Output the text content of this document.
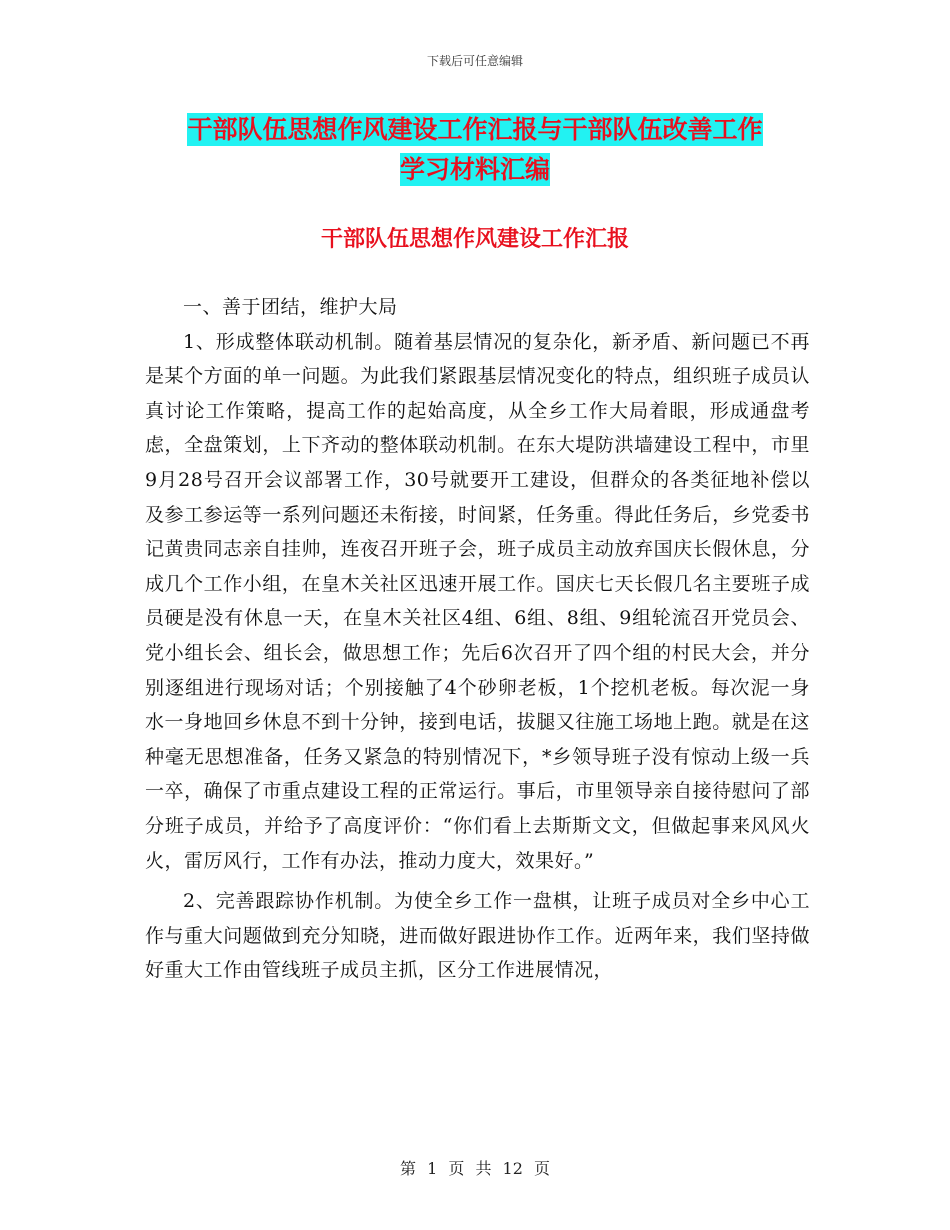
下载后可任意编辑
干部队伍思想作风建设工作汇报与干部队伍改善工作
学习材料汇编
干部队伍思想作风建设工作汇报

一、善于团结，维护大局

1、形成整体联动机制。随着基层情况的复杂化，新矛盾、新问题已不再是某个方面的单一问题。为此我们紧跟基层情况变化的特点，组织班子成员认真讨论工作策略，提高工作的起始高度，从全乡工作大局着眼，形成通盘考虑，全盘策划，上下齐动的整体联动机制。在东大堤防洪墙建设工程中，市里9月28号召开会议部署工作，30号就要开工建设，但群众的各类征地补偿以及参工参运等一系列问题还未衔接，时间紧，任务重。得此任务后，乡党委书记黄贵同志亲自挂帅，连夜召开班子会，班子成员主动放弃国庆长假休息，分成几个工作小组，在皇木关社区迅速开展工作。国庆七天长假几名主要班子成员硬是没有休息一天，在皇木关社区4组、6组、8组、9组轮流召开党员会、党小组长会、组长会，做思想工作；先后6次召开了四个组的村民大会，并分别逐组进行现场对话；个别接触了4个砂卵老板，1个挖机老板。每次泥一身水一身地回乡休息不到十分钟，接到电话，拔腿又往施工场地上跑。就是在这种毫无思想准备，任务又紧急的特别情况下，*乡领导班子没有惊动上级一兵一卒，确保了市重点建设工程的正常运行。事后，市里领导亲自接待慰问了部分班子成员，并给予了高度评价：“你们看上去斯斯文文，但做起事来风风火火，雷厉风行，工作有办法，推动力度大，效果好。”

2、完善跟踪协作机制。为使全乡工作一盘棋，让班子成员对全乡中心工作与重大问题做到充分知晓，进而做好跟进协作工作。近两年来，我们坚持做好重大工作由管线班子成员主抓，区分工作进展情况，

第 1 页 共 12 页
